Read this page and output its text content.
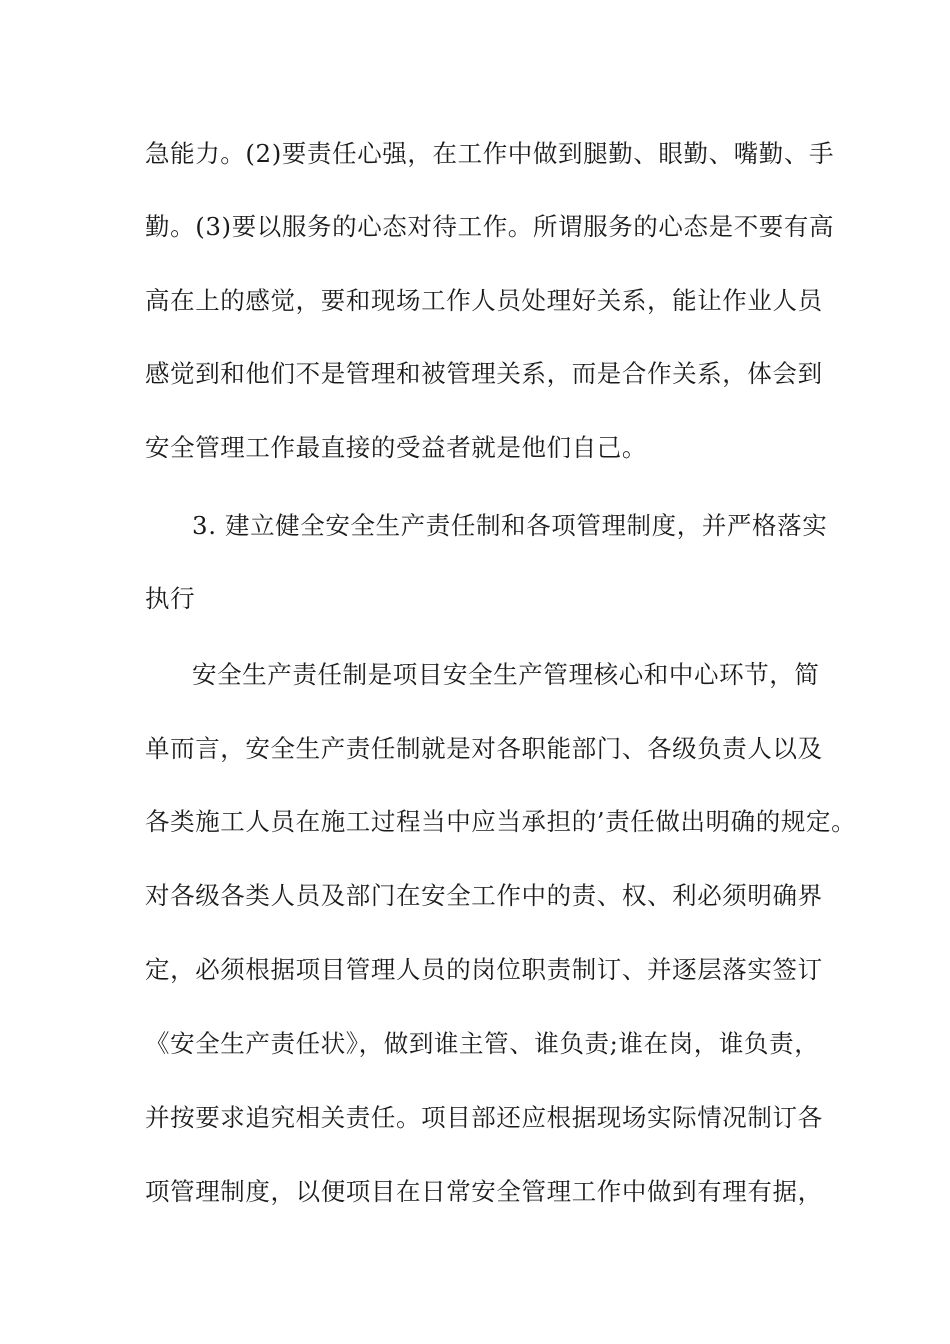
急能力。(2)要责任心强，在工作中做到腿勤、眼勤、嘴勤、手
勤。(3)要以服务的心态对待工作。所谓服务的心态是不要有高
高在上的感觉，要和现场工作人员处理好关系，能让作业人员
感觉到和他们不是管理和被管理关系，而是合作关系，体会到
安全管理工作最直接的受益者就是他们自己。
3. 建立健全安全生产责任制和各项管理制度，并严格落实
执行
安全生产责任制是项目安全生产管理核心和中心环节，简
单而言，安全生产责任制就是对各职能部门、各级负责人以及
各类施工人员在施工过程当中应当承担的’责任做出明确的规定。
对各级各类人员及部门在安全工作中的责、权、利必须明确界
定，必须根据项目管理人员的岗位职责制订、并逐层落实签订
《安全生产责任状》，做到谁主管、谁负责;谁在岗，谁负责，
并按要求追究相关责任。项目部还应根据现场实际情况制订各
项管理制度，以便项目在日常安全管理工作中做到有理有据，
